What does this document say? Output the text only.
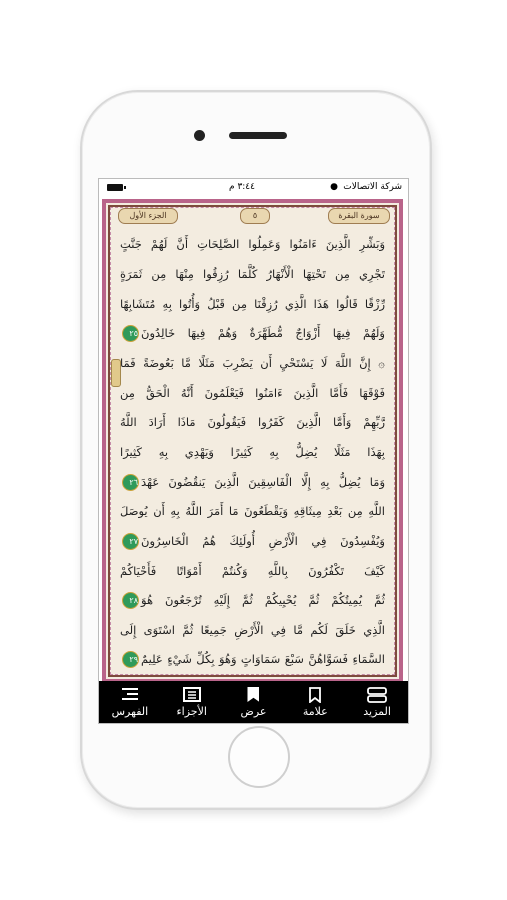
٣:٤٤ م	● شركة الاتصالات
الجزء الأول	٥	سورة البقرة
وَبَشِّرِ الَّذِينَ ءَامَنُوا وَعَمِلُوا الصَّلِحَاتِ أَنَّ لَهُمْ جَنَّتٍ
تَجْرِي مِن تَحْتِهَا الْأَنْهَارُ كُلَّمَا رُزِقُوا مِنْهَا مِن ثَمَرَةٍ
رِّزْقًا قَالُوا هَذَا الَّذِي رُزِقْنَا مِن قَبْلُ وَأُتُوا بِهِ مُتَشَابِهًا
وَلَهُمْ فِيهَا أَزْوَاجٌ مُّطَهَّرَةٌ وَهُمْ فِيهَا خَالِدُونَ٢٥
۞ إِنَّ اللَّهَ لَا يَسْتَحْيِ أَن يَضْرِبَ مَثَلًا مَّا بَعُوضَةً فَمَا
فَوْقَهَا فَأَمَّا الَّذِينَ ءَامَنُوا فَيَعْلَمُونَ أَنَّهُ الْحَقُّ مِن
رَّبِّهِمْ وَأَمَّا الَّذِينَ كَفَرُوا فَيَقُولُونَ مَاذَا أَرَادَ اللَّهُ
بِهَذَا مَثَلًا يُضِلُّ بِهِ كَثِيرًا وَيَهْدِي بِهِ كَثِيرًا
وَمَا يُضِلُّ بِهِ إِلَّا الْفَاسِقِينَ الَّذِينَ يَنقُضُونَ عَهْدَ٢٦
اللَّهِ مِن بَعْدِ مِيثَاقِهِ وَيَقْطَعُونَ مَا أَمَرَ اللَّهُ بِهِ أَن يُوصَلَ
وَيُفْسِدُونَ فِي الْأَرْضِ أُولَئِكَ هُمُ الْخَاسِرُونَ٢٧
كَيْفَ تَكْفُرُونَ بِاللَّهِ وَكُنتُمْ أَمْوَاتًا فَأَحْيَاكُمْ
ثُمَّ يُمِيتُكُمْ ثُمَّ يُحْيِيكُمْ ثُمَّ إِلَيْهِ تُرْجَعُونَ هُوَ٢٨
الَّذِي خَلَقَ لَكُم مَّا فِي الْأَرْضِ جَمِيعًا ثُمَّ اسْتَوَى إِلَى
السَّمَاءِ فَسَوَّاهُنَّ سَبْعَ سَمَاوَاتٍ وَهُوَ بِكُلِّ شَيْءٍ عَلِيمٌ٢٩
الفهرس	الأجزاء	عرض	علامة	المزيد
